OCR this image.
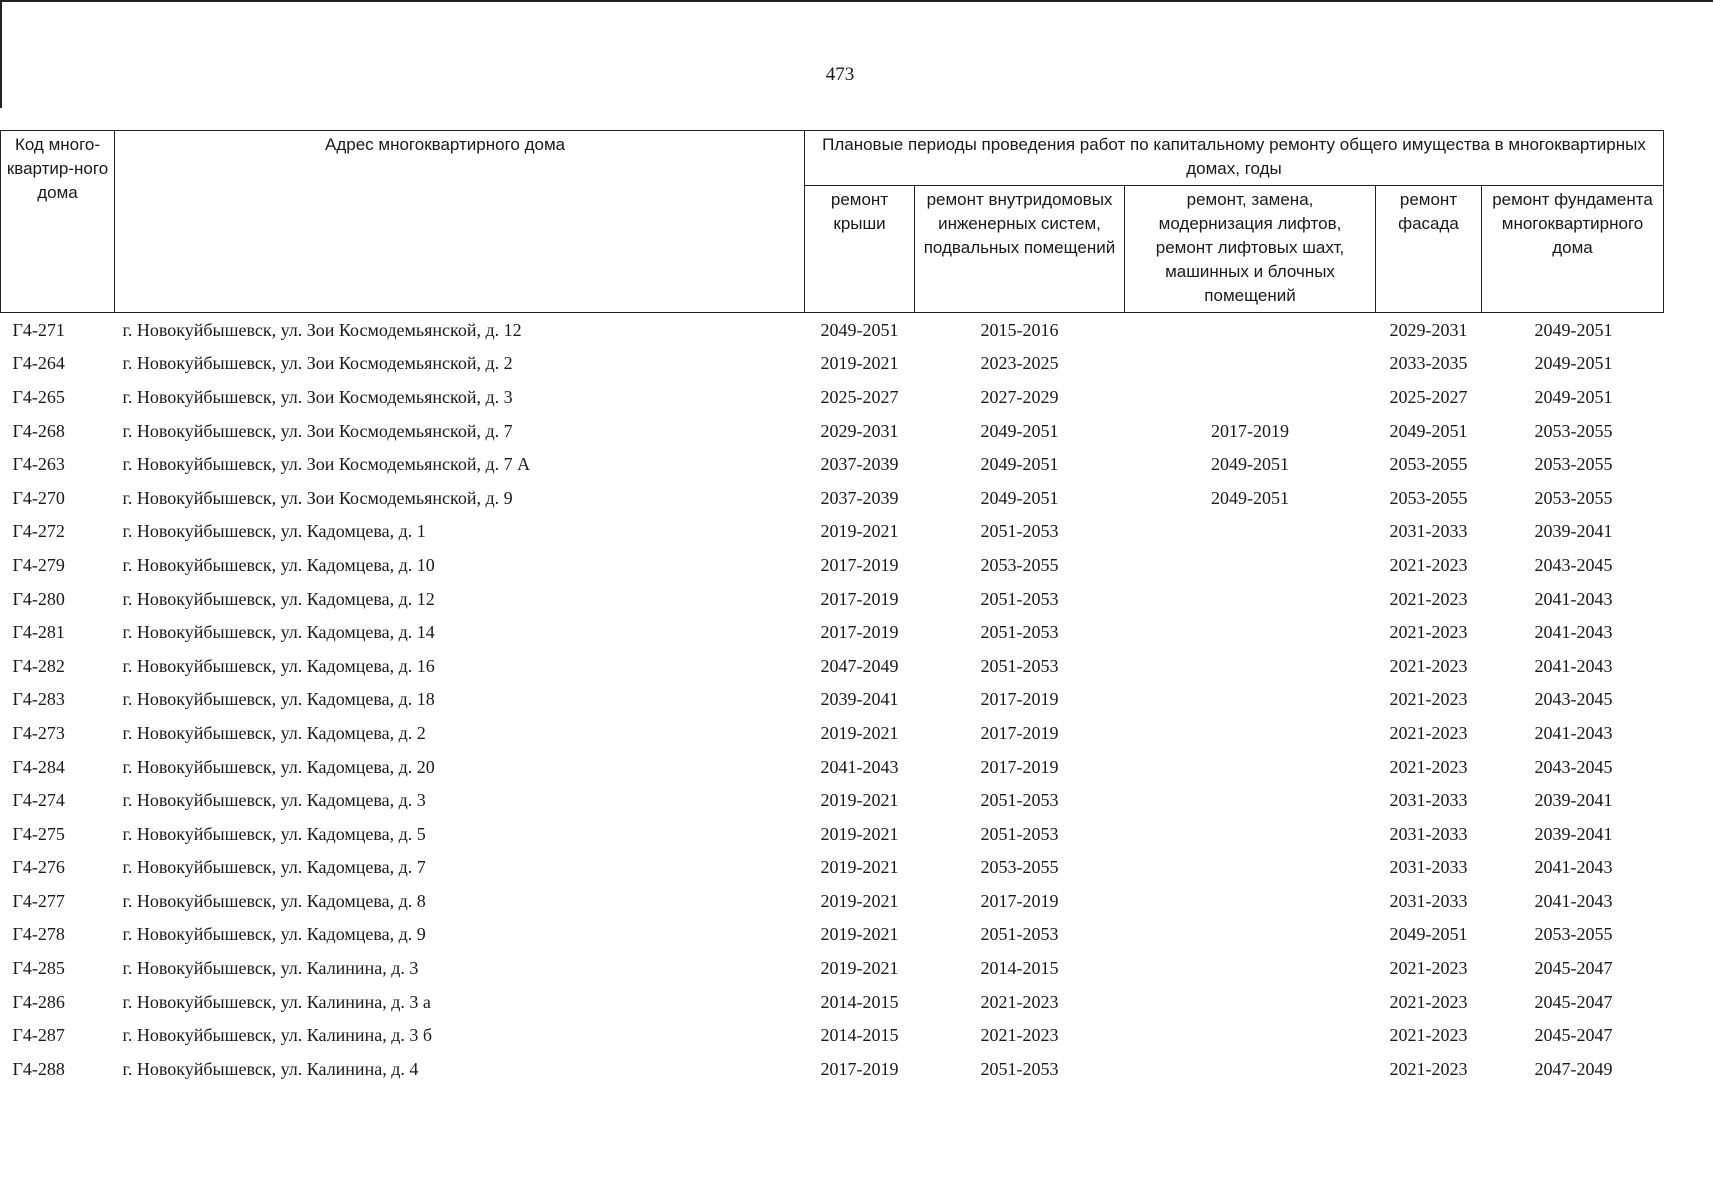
473
Код много-квартир-ного дома	Адрес многоквартирного дома	Плановые периоды проведения работ по капитальному ремонту общего имущества в многоквартирных домах, годы				
		ремонт крыши	ремонт внутридомовых инженерных систем, подвальных помещений	ремонт, замена, модернизация лифтов, ремонт лифтовых шахт, машинных и блочных помещений	ремонт фасада	ремонт фундамента многоквартирного дома
Г4-271	г. Новокуйбышевск, ул. Зои Космодемьянской, д. 12	2049-2051	2015-2016		2029-2031	2049-2051
Г4-264	г. Новокуйбышевск, ул. Зои Космодемьянской, д. 2	2019-2021	2023-2025		2033-2035	2049-2051
Г4-265	г. Новокуйбышевск, ул. Зои Космодемьянской, д. 3	2025-2027	2027-2029		2025-2027	2049-2051
Г4-268	г. Новокуйбышевск, ул. Зои Космодемьянской, д. 7	2029-2031	2049-2051	2017-2019	2049-2051	2053-2055
Г4-263	г. Новокуйбышевск, ул. Зои Космодемьянской, д. 7 А	2037-2039	2049-2051	2049-2051	2053-2055	2053-2055
Г4-270	г. Новокуйбышевск, ул. Зои Космодемьянской, д. 9	2037-2039	2049-2051	2049-2051	2053-2055	2053-2055
Г4-272	г. Новокуйбышевск, ул. Кадомцева, д. 1	2019-2021	2051-2053		2031-2033	2039-2041
Г4-279	г. Новокуйбышевск, ул. Кадомцева, д. 10	2017-2019	2053-2055		2021-2023	2043-2045
Г4-280	г. Новокуйбышевск, ул. Кадомцева, д. 12	2017-2019	2051-2053		2021-2023	2041-2043
Г4-281	г. Новокуйбышевск, ул. Кадомцева, д. 14	2017-2019	2051-2053		2021-2023	2041-2043
Г4-282	г. Новокуйбышевск, ул. Кадомцева, д. 16	2047-2049	2051-2053		2021-2023	2041-2043
Г4-283	г. Новокуйбышевск, ул. Кадомцева, д. 18	2039-2041	2017-2019		2021-2023	2043-2045
Г4-273	г. Новокуйбышевск, ул. Кадомцева, д. 2	2019-2021	2017-2019		2021-2023	2041-2043
Г4-284	г. Новокуйбышевск, ул. Кадомцева, д. 20	2041-2043	2017-2019		2021-2023	2043-2045
Г4-274	г. Новокуйбышевск, ул. Кадомцева, д. 3	2019-2021	2051-2053		2031-2033	2039-2041
Г4-275	г. Новокуйбышевск, ул. Кадомцева, д. 5	2019-2021	2051-2053		2031-2033	2039-2041
Г4-276	г. Новокуйбышевск, ул. Кадомцева, д. 7	2019-2021	2053-2055		2031-2033	2041-2043
Г4-277	г. Новокуйбышевск, ул. Кадомцева, д. 8	2019-2021	2017-2019		2031-2033	2041-2043
Г4-278	г. Новокуйбышевск, ул. Кадомцева, д. 9	2019-2021	2051-2053		2049-2051	2053-2055
Г4-285	г. Новокуйбышевск, ул. Калинина, д. 3	2019-2021	2014-2015		2021-2023	2045-2047
Г4-286	г. Новокуйбышевск, ул. Калинина, д. 3 а	2014-2015	2021-2023		2021-2023	2045-2047
Г4-287	г. Новокуйбышевск, ул. Калинина, д. 3 б	2014-2015	2021-2023		2021-2023	2045-2047
Г4-288	г. Новокуйбышевск, ул. Калинина, д. 4	2017-2019	2051-2053		2021-2023	2047-2049
